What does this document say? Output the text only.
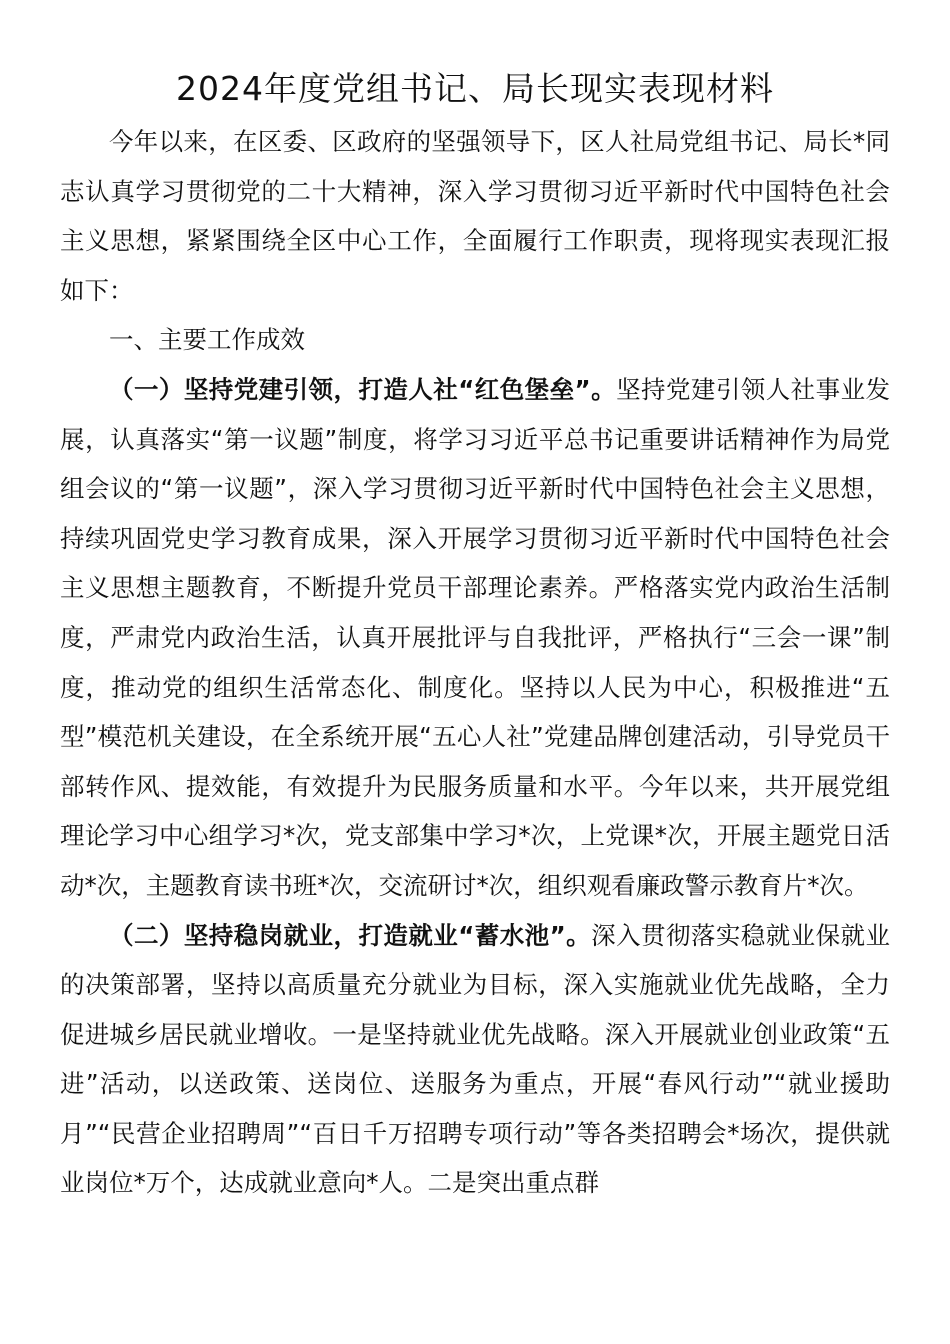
2024年度党组书记、局长现实表现材料

今年以来，在区委、区政府的坚强领导下，区人社局党组书记、局长*同志认真学习贯彻党的二十大精神，深入学习贯彻习近平新时代中国特色社会主义思想，紧紧围绕全区中心工作，全面履行工作职责，现将现实表现汇报如下：

一、主要工作成效

（一）坚持党建引领，打造人社“红色堡垒”。坚持党建引领人社事业发展，认真落实“第一议题”制度，将学习习近平总书记重要讲话精神作为局党组会议的“第一议题”，深入学习贯彻习近平新时代中国特色社会主义思想，持续巩固党史学习教育成果，深入开展学习贯彻习近平新时代中国特色社会主义思想主题教育，不断提升党员干部理论素养。严格落实党内政治生活制度，严肃党内政治生活，认真开展批评与自我批评，严格执行“三会一课”制度，推动党的组织生活常态化、制度化。坚持以人民为中心，积极推进“五型”模范机关建设，在全系统开展“五心人社”党建品牌创建活动，引导党员干部转作风、提效能，有效提升为民服务质量和水平。今年以来，共开展党组理论学习中心组学习*次，党支部集中学习*次，上党课*次，开展主题党日活动*次，主题教育读书班*次，交流研讨*次，组织观看廉政警示教育片*次。

（二）坚持稳岗就业，打造就业“蓄水池”。深入贯彻落实稳就业保就业的决策部署，坚持以高质量充分就业为目标，深入实施就业优先战略，全力促进城乡居民就业增收。一是坚持就业优先战略。深入开展就业创业政策“五进”活动，以送政策、送岗位、送服务为重点，开展“春风行动”“就业援助月”“民营企业招聘周”“百日千万招聘专项行动”等各类招聘会*场次，提供就业岗位*万个，达成就业意向*人。二是突出重点群
